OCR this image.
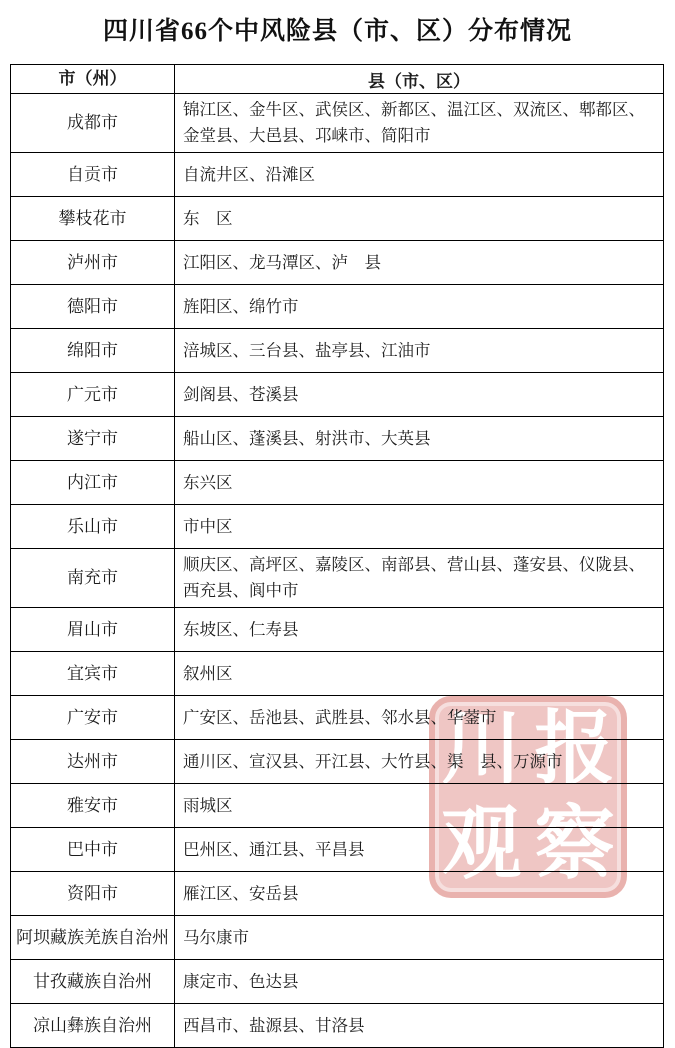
川 报
观 察
四川省66个中风险县（市、区）分布情况
市（州）	县（市、区）
成都市	锦江区、金牛区、武侯区、新都区、温江区、双流区、郫都区、金堂县、大邑县、邛崃市、简阳市
自贡市	自流井区、沿滩区
攀枝花市	东　区
泸州市	江阳区、龙马潭区、泸　县
德阳市	旌阳区、绵竹市
绵阳市	涪城区、三台县、盐亭县、江油市
广元市	剑阁县、苍溪县
遂宁市	船山区、蓬溪县、射洪市、大英县
内江市	东兴区
乐山市	市中区
南充市	顺庆区、高坪区、嘉陵区、南部县、营山县、蓬安县、仪陇县、西充县、阆中市
眉山市	东坡区、仁寿县
宜宾市	叙州区
广安市	广安区、岳池县、武胜县、邻水县、华蓥市
达州市	通川区、宣汉县、开江县、大竹县、渠　县、万源市
雅安市	雨城区
巴中市	巴州区、通江县、平昌县
资阳市	雁江区、安岳县
阿坝藏族羌族自治州	马尔康市
甘孜藏族自治州	康定市、色达县
凉山彝族自治州	西昌市、盐源县、甘洛县
